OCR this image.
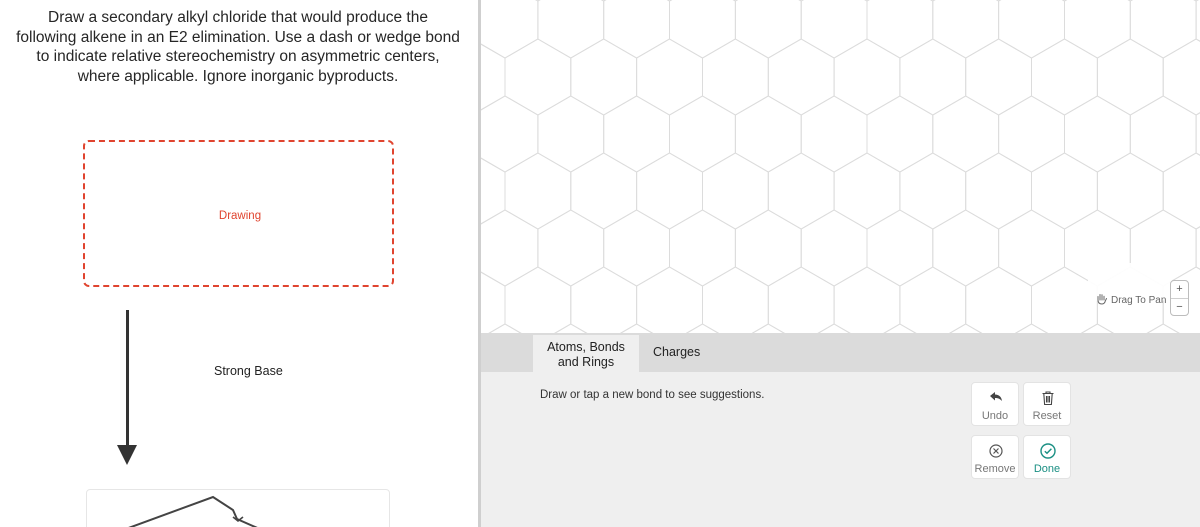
Draw a secondary alkyl chloride that would produce the
following alkene in an E2 elimination. Use a dash or wedge bond
to indicate relative stereochemistry on asymmetric centers,
where applicable. Ignore inorganic byproducts.
Drawing
Strong Base
Drag To Pan
+
−
Atoms, Bonds
and Rings
Charges
Draw or tap a new bond to see suggestions.
Undo	Reset
Remove	Done
